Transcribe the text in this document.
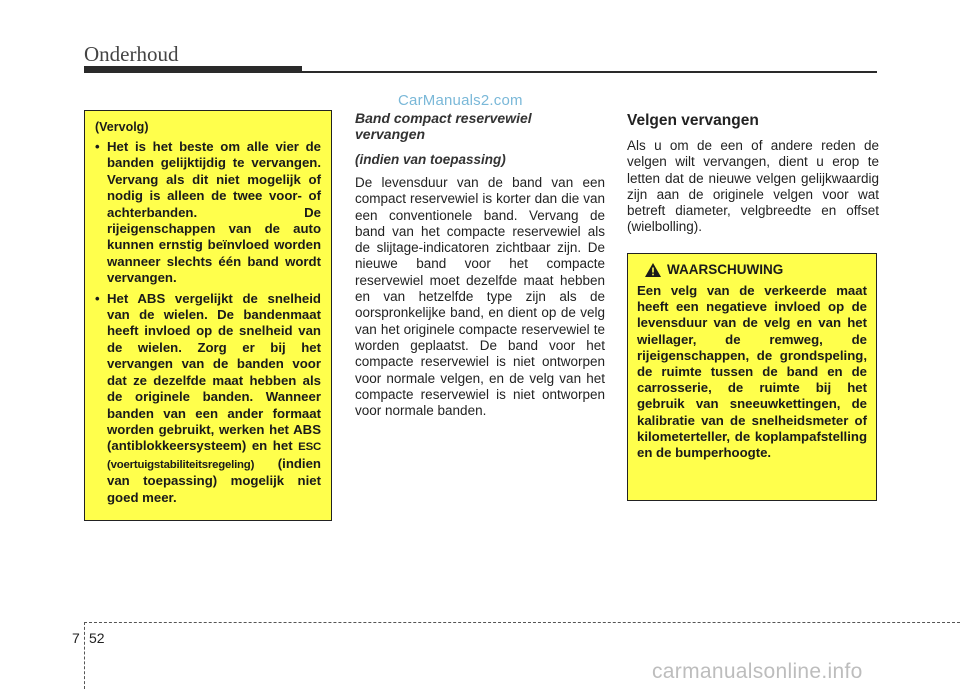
Onderhoud
CarManuals2.com
(Vervolg)
• Het is het beste om alle vier de banden gelijktijdig te vervangen. Vervang als dit niet mogelijk of nodig is alleen de twee voor- of achterbanden. De rijeigenschappen van de auto kunnen ernstig beïnvloed worden wanneer slechts één band wordt vervangen.
• Het ABS vergelijkt de snelheid van de wielen. De bandenmaat heeft invloed op de snelheid van de wielen. Zorg er bij het vervangen van de banden voor dat ze dezelfde maat hebben als de originele banden. Wanneer banden van een ander formaat worden gebruikt, werken het ABS (antiblokkeersysteem) en het ESC (voertuigstabiliteitsregeling) (indien van toepassing) mogelijk niet goed meer.
Band compact reservewiel vervangen
(indien van toepassing)
De levensduur van de band van een compact reservewiel is korter dan die van een conventionele band. Vervang de band van het compacte reservewiel als de slijtage-indicatoren zichtbaar zijn. De nieuwe band voor het compacte reservewiel moet dezelfde maat hebben en van hetzelfde type zijn als de oorspronkelijke band, en dient op de velg van het originele compacte reservewiel te worden geplaatst. De band voor het compacte reservewiel is niet ontworpen voor normale velgen, en de velg van het compacte reservewiel is niet ontworpen voor normale banden.
Velgen vervangen
Als u om de een of andere reden de velgen wilt vervangen, dient u erop te letten dat de nieuwe velgen gelijkwaardig zijn aan de originele velgen voor wat betreft diameter, velgbreedte en offset (wielbolling).
WAARSCHUWING
Een velg van de verkeerde maat heeft een negatieve invloed op de levensduur van de velg en van het wiellager, de remweg, de rijeigenschappen, de grondspeling, de ruimte tussen de band en de carrosserie, de ruimte bij het gebruik van sneeuwkettingen, de kalibratie van de snelheidsmeter of kilometerteller, de koplampafstelling en de bumperhoogte.
7 52
carmanualsonline.info
